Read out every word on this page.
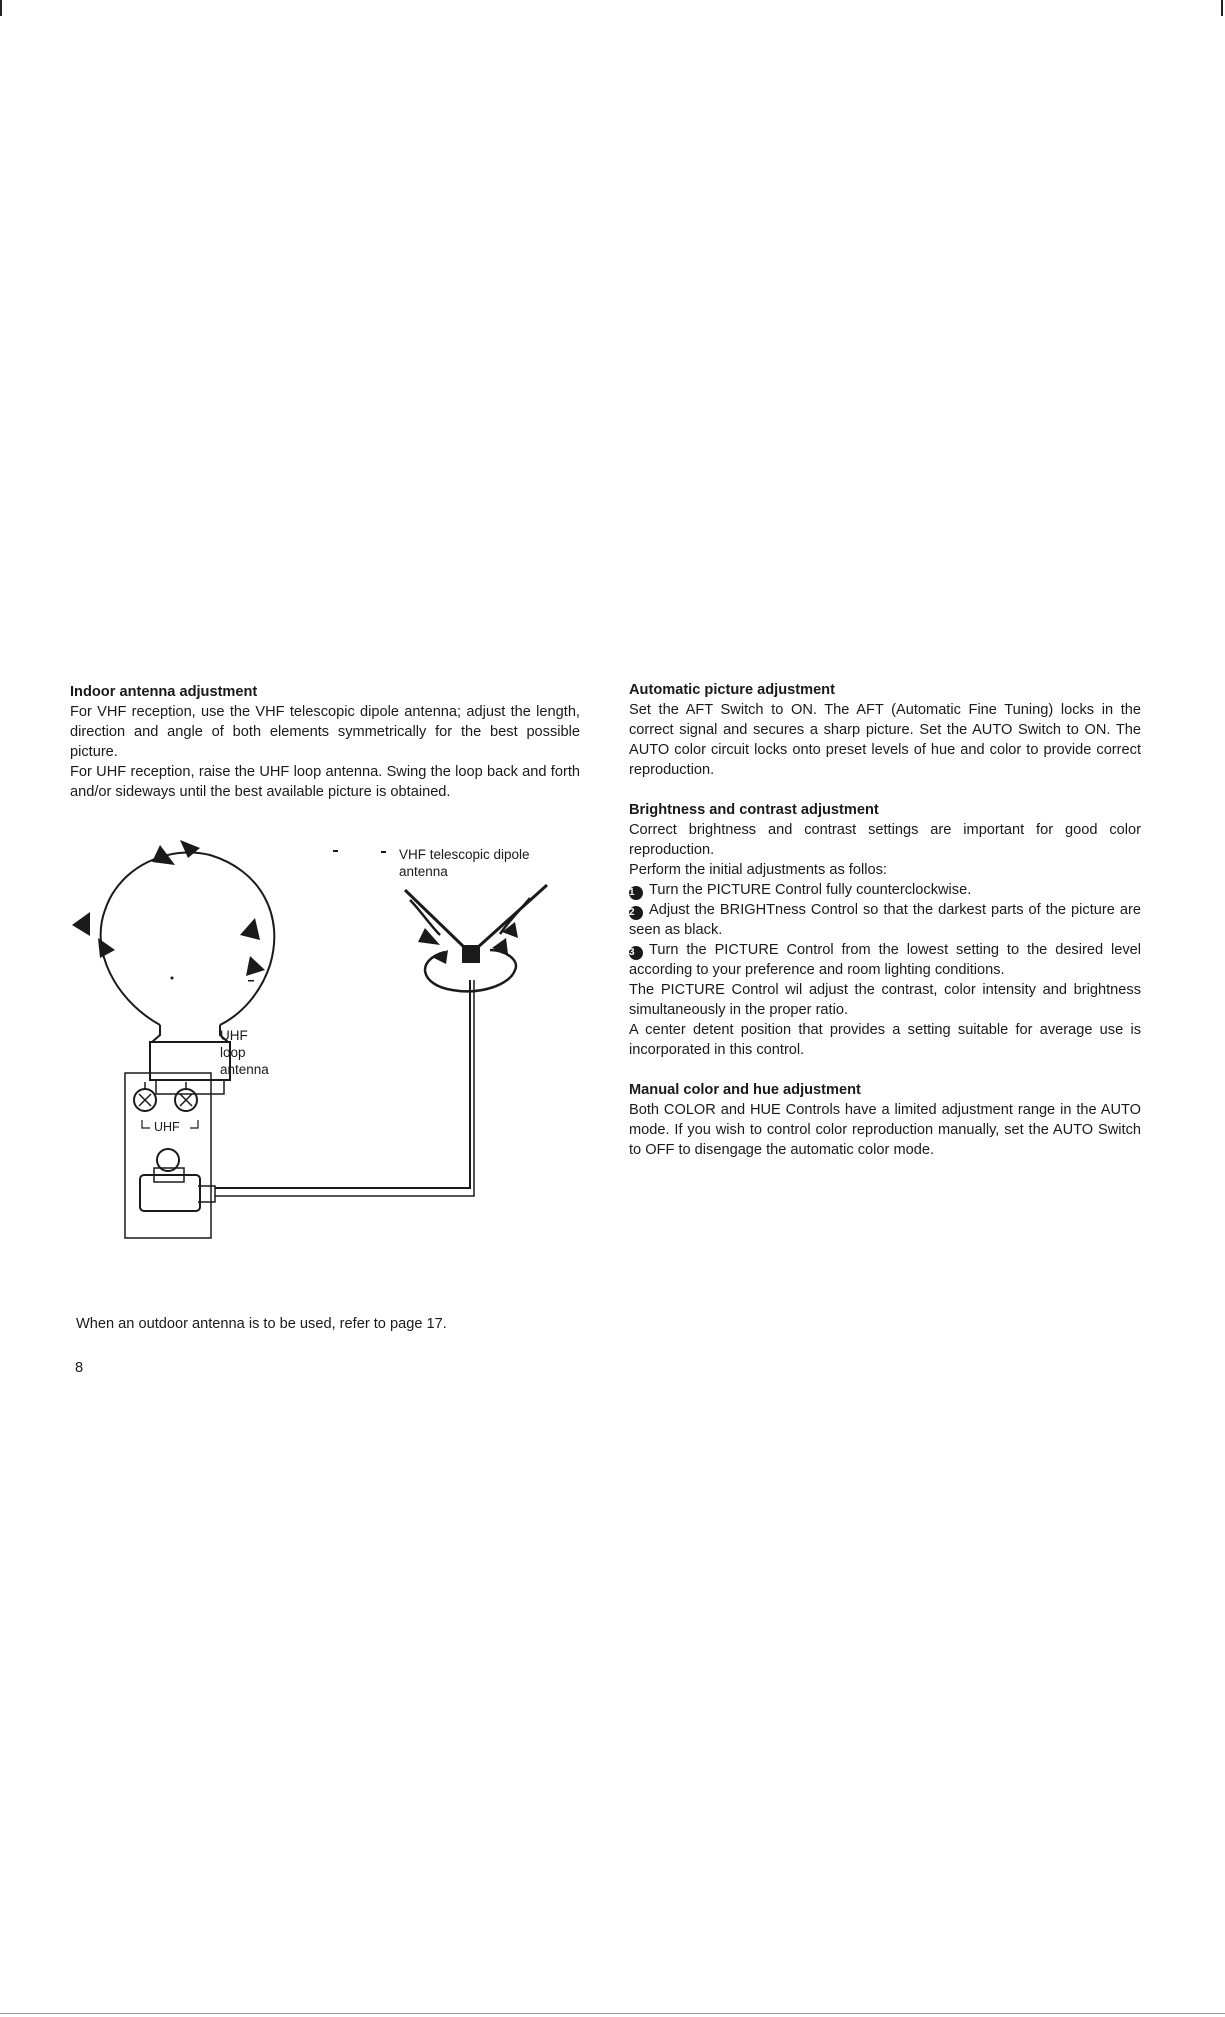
Indoor antenna adjustment

For VHF reception, use the VHF telescopic dipole antenna; adjust the length, direction and angle of both elements symmetrically for the best possible picture.

For UHF reception, raise the UHF loop antenna. Swing the loop back and forth and/or sideways until the best available picture is obtained.

VHF telescopic dipole
antenna
UHF
loop
antenna
UHF
When an outdoor antenna is to be used, refer to page 17.
8

Automatic picture adjustment

Set the AFT Switch to ON. The AFT (Automatic Fine Tuning) locks in the correct signal and secures a sharp picture. Set the AUTO Switch to ON. The AUTO color circuit locks onto preset levels of hue and color to provide correct reproduction.

Brightness and contrast adjustment

Correct brightness and contrast settings are important for good color reproduction.

Perform the initial adjustments as follos:

1 Turn the PICTURE Control fully counterclockwise.

2 Adjust the BRIGHTness Control so that the darkest parts of the picture are seen as black.

3 Turn the PICTURE Control from the lowest setting to the desired level according to your preference and room lighting conditions.

The PICTURE Control wil adjust the contrast, color intensity and brightness simultaneously in the proper ratio.

A center detent position that provides a setting suitable for average use is incorporated in this control.

Manual color and hue adjustment

Both COLOR and HUE Controls have a limited adjustment range in the AUTO mode. If you wish to control color reproduction manually, set the AUTO Switch to OFF to disengage the automatic color mode.
